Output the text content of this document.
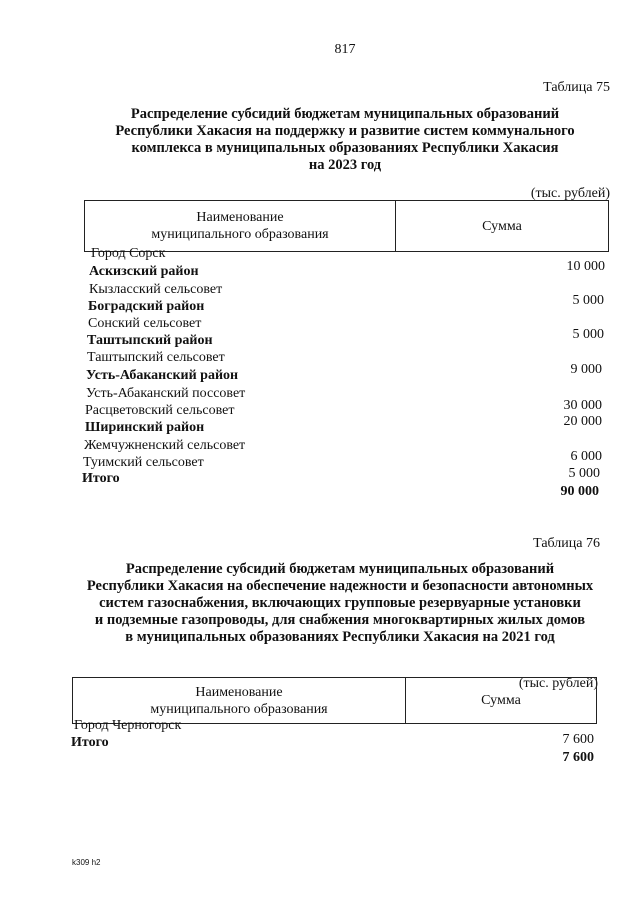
817
Таблица 75
Распределение субсидий бюджетам муниципальных образований
Республики Хакасия на поддержку и развитие систем коммунального
комплекса в муниципальных образованиях Республики Хакасия
на 2023 год
(тыс. рублей)
Наименование
муниципального образования
Сумма
Город Сорск
Аскизский район
Кызласский сельсовет
Боградский район
Сонский сельсовет
Таштыпский район
Таштыпский сельсовет
Усть-Абаканский район
Усть-Абаканский поссовет
Расцветовский сельсовет
Ширинский район
Жемчужненский сельсовет
Туимский сельсовет
Итого
10 000
5 000
5 000
9 000
30 000
20 000
6 000
5 000
90 000
Таблица 76
Распределение субсидий бюджетам муниципальных образований
Республики Хакасия на обеспечение надежности и безопасности автономных
систем газоснабжения, включающих групповые резервуарные установки
и подземные газопроводы, для снабжения многоквартирных жилых домов
в муниципальных образованиях Республики Хакасия на 2021 год
(тыс. рублей)
Наименование
муниципального образования
Сумма
Город Черногорск
Итого	7 600
7 600
k309 h2
